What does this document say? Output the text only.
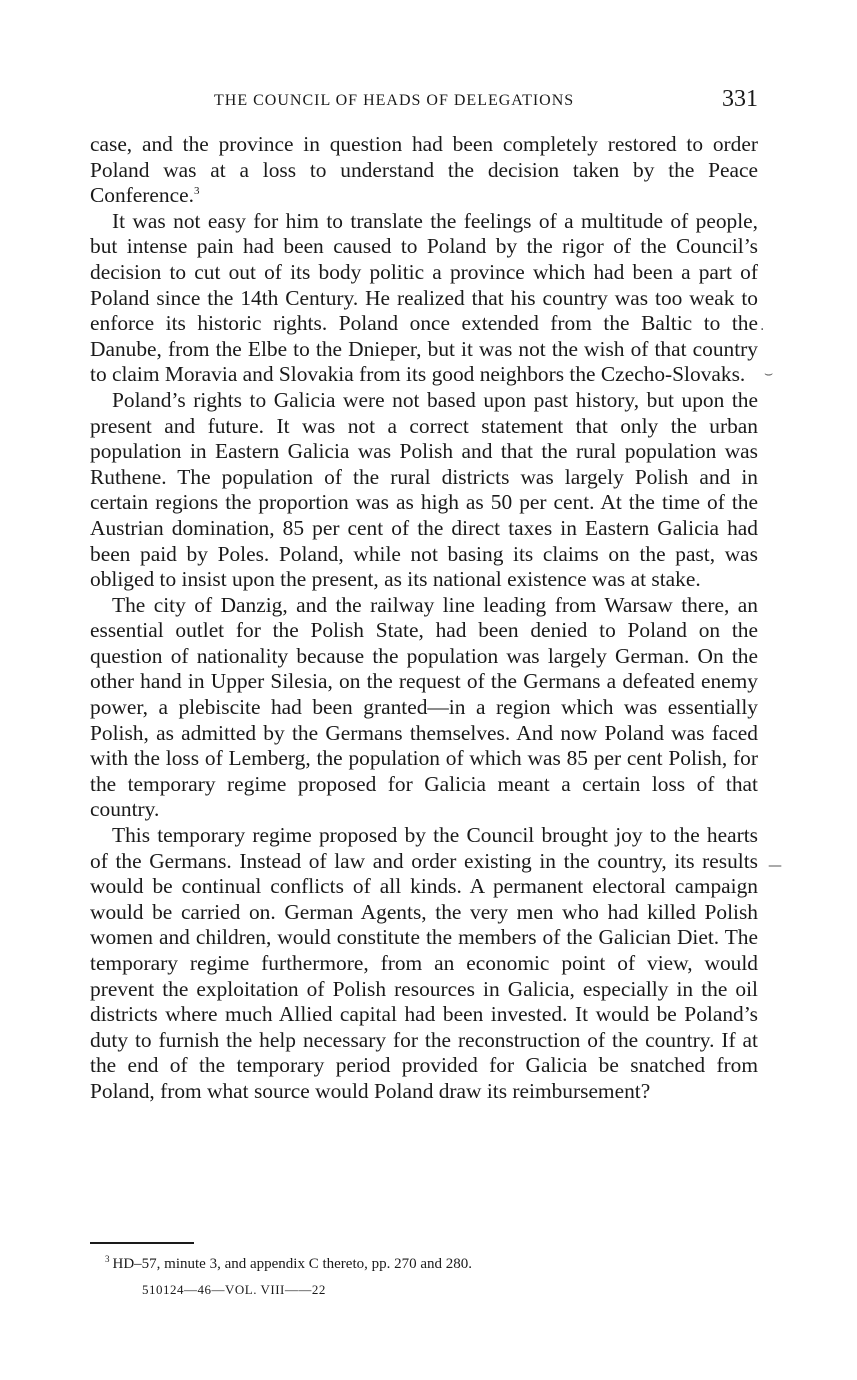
THE COUNCIL OF HEADS OF DELEGATIONS	331

case, and the province in question had been completely restored to order Poland was at a loss to understand the decision taken by the Peace Conference.$^3$

It was not easy for him to translate the feelings of a multitude of people, but intense pain had been caused to Poland by the rigor of the Council’s decision to cut out of its body politic a province which had been a part of Poland since the 14th Century. He realized that his country was too weak to enforce its historic rights. Poland once extended from the Baltic to the Danube, from the Elbe to the Dnieper, but it was not the wish of that country to claim Moravia and Slovakia from its good neighbors the Czecho-Slovaks.

Poland’s rights to Galicia were not based upon past history, but upon the present and future. It was not a correct statement that only the urban population in Eastern Galicia was Polish and that the rural population was Ruthene. The population of the rural districts was largely Polish and in certain regions the proportion was as high as 50 per cent. At the time of the Austrian domination, 85 per cent of the direct taxes in Eastern Galicia had been paid by Poles. Poland, while not basing its claims on the past, was obliged to insist upon the present, as its national existence was at stake.

The city of Danzig, and the railway line leading from Warsaw there, an essential outlet for the Polish State, had been denied to Poland on the question of nationality because the population was largely German. On the other hand in Upper Silesia, on the request of the Germans a defeated enemy power, a plebiscite had been granted—in a region which was essentially Polish, as admitted by the Germans themselves. And now Poland was faced with the loss of Lemberg, the population of which was 85 per cent Polish, for the temporary regime proposed for Galicia meant a certain loss of that country.

This temporary regime proposed by the Council brought joy to the hearts of the Germans. Instead of law and order existing in the country, its results would be continual conflicts of all kinds. A permanent electoral campaign would be carried on. German Agents, the very men who had killed Polish women and children, would constitute the members of the Galician Diet. The temporary regime furthermore, from an economic point of view, would prevent the exploitation of Polish resources in Galicia, especially in the oil districts where much Allied capital had been invested. It would be Poland’s duty to furnish the help necessary for the reconstruction of the country. If at the end of the temporary period provided for Galicia be snatched from Poland, from what source would Poland draw its reimbursement?

$^3$ HD–57, minute 3, and appendix C thereto, pp. 270 and 280.
510124—46—VOL. VIII——22
.
⌣
—
